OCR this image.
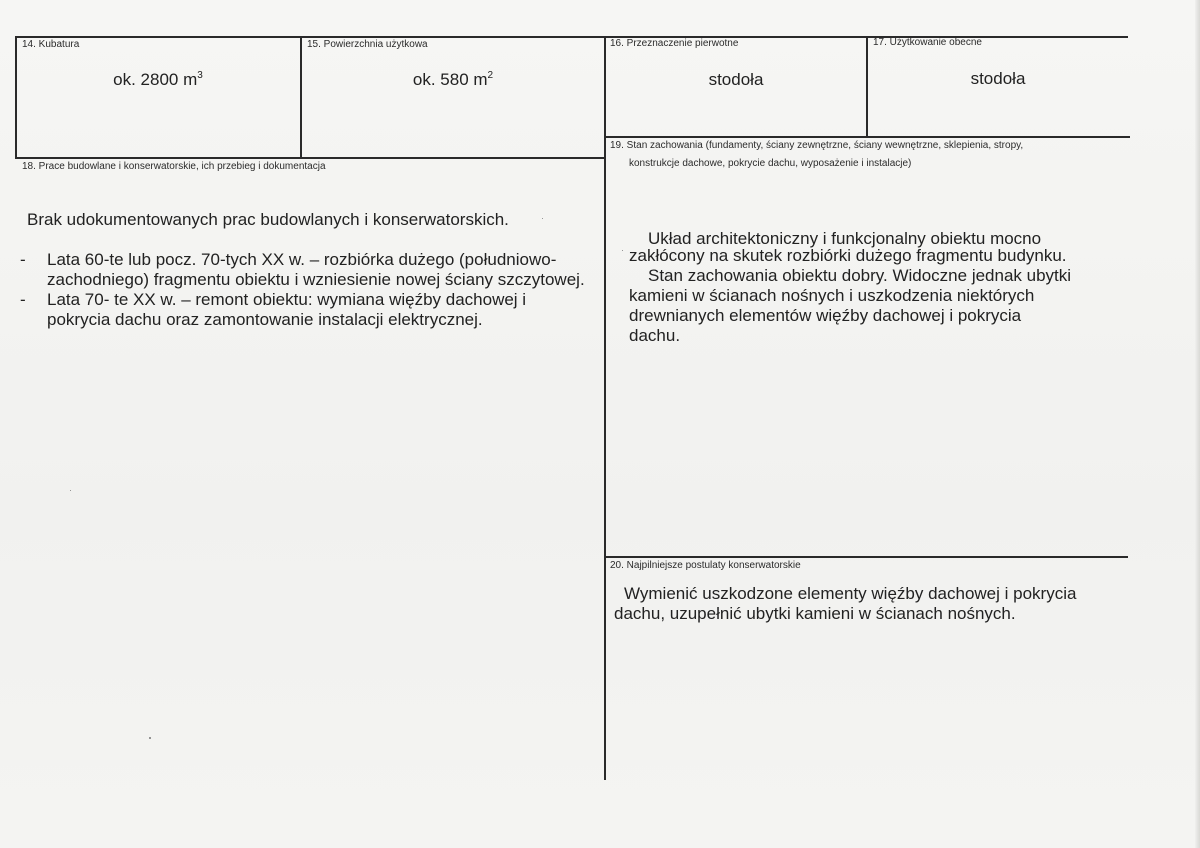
14. Kubatura
ok. 2800 $m^3$
15. Powierzchnia użytkowa
ok. 580 $m^2$
16. Przeznaczenie pierwotne
stodoła
17. Użytkowanie obecne
stodoła
18. Prace budowlane i konserwatorskie, ich przebieg i dokumentacja
Brak udokumentowanych prac budowlanych i konserwatorskich.
- Lata 60-te lub pocz. 70-tych XX w. – rozbiórka dużego (południowo-
zachodniego) fragmentu obiektu i wzniesienie nowej ściany szczytowej.
- Lata 70- te XX w. – remont obiektu: wymiana więźby dachowej i
pokrycia dachu oraz zamontowanie instalacji elektrycznej.
19. Stan zachowania (fundamenty, ściany zewnętrzne, ściany wewnętrzne, sklepienia, stropy,
konstrukcje dachowe, pokrycie dachu, wyposażenie i instalacje)
Układ architektoniczny i funkcjonalny obiektu mocno
zakłócony na skutek rozbiórki dużego fragmentu budynku.
Stan zachowania obiektu dobry. Widoczne jednak ubytki
kamieni w ścianach nośnych i uszkodzenia niektórych
drewnianych elementów więźby dachowej i pokrycia
dachu.
20. Najpilniejsze postulaty konserwatorskie
Wymienić uszkodzone elementy więźby dachowej i pokrycia
dachu, uzupełnić ubytki kamieni w ścianach nośnych.
